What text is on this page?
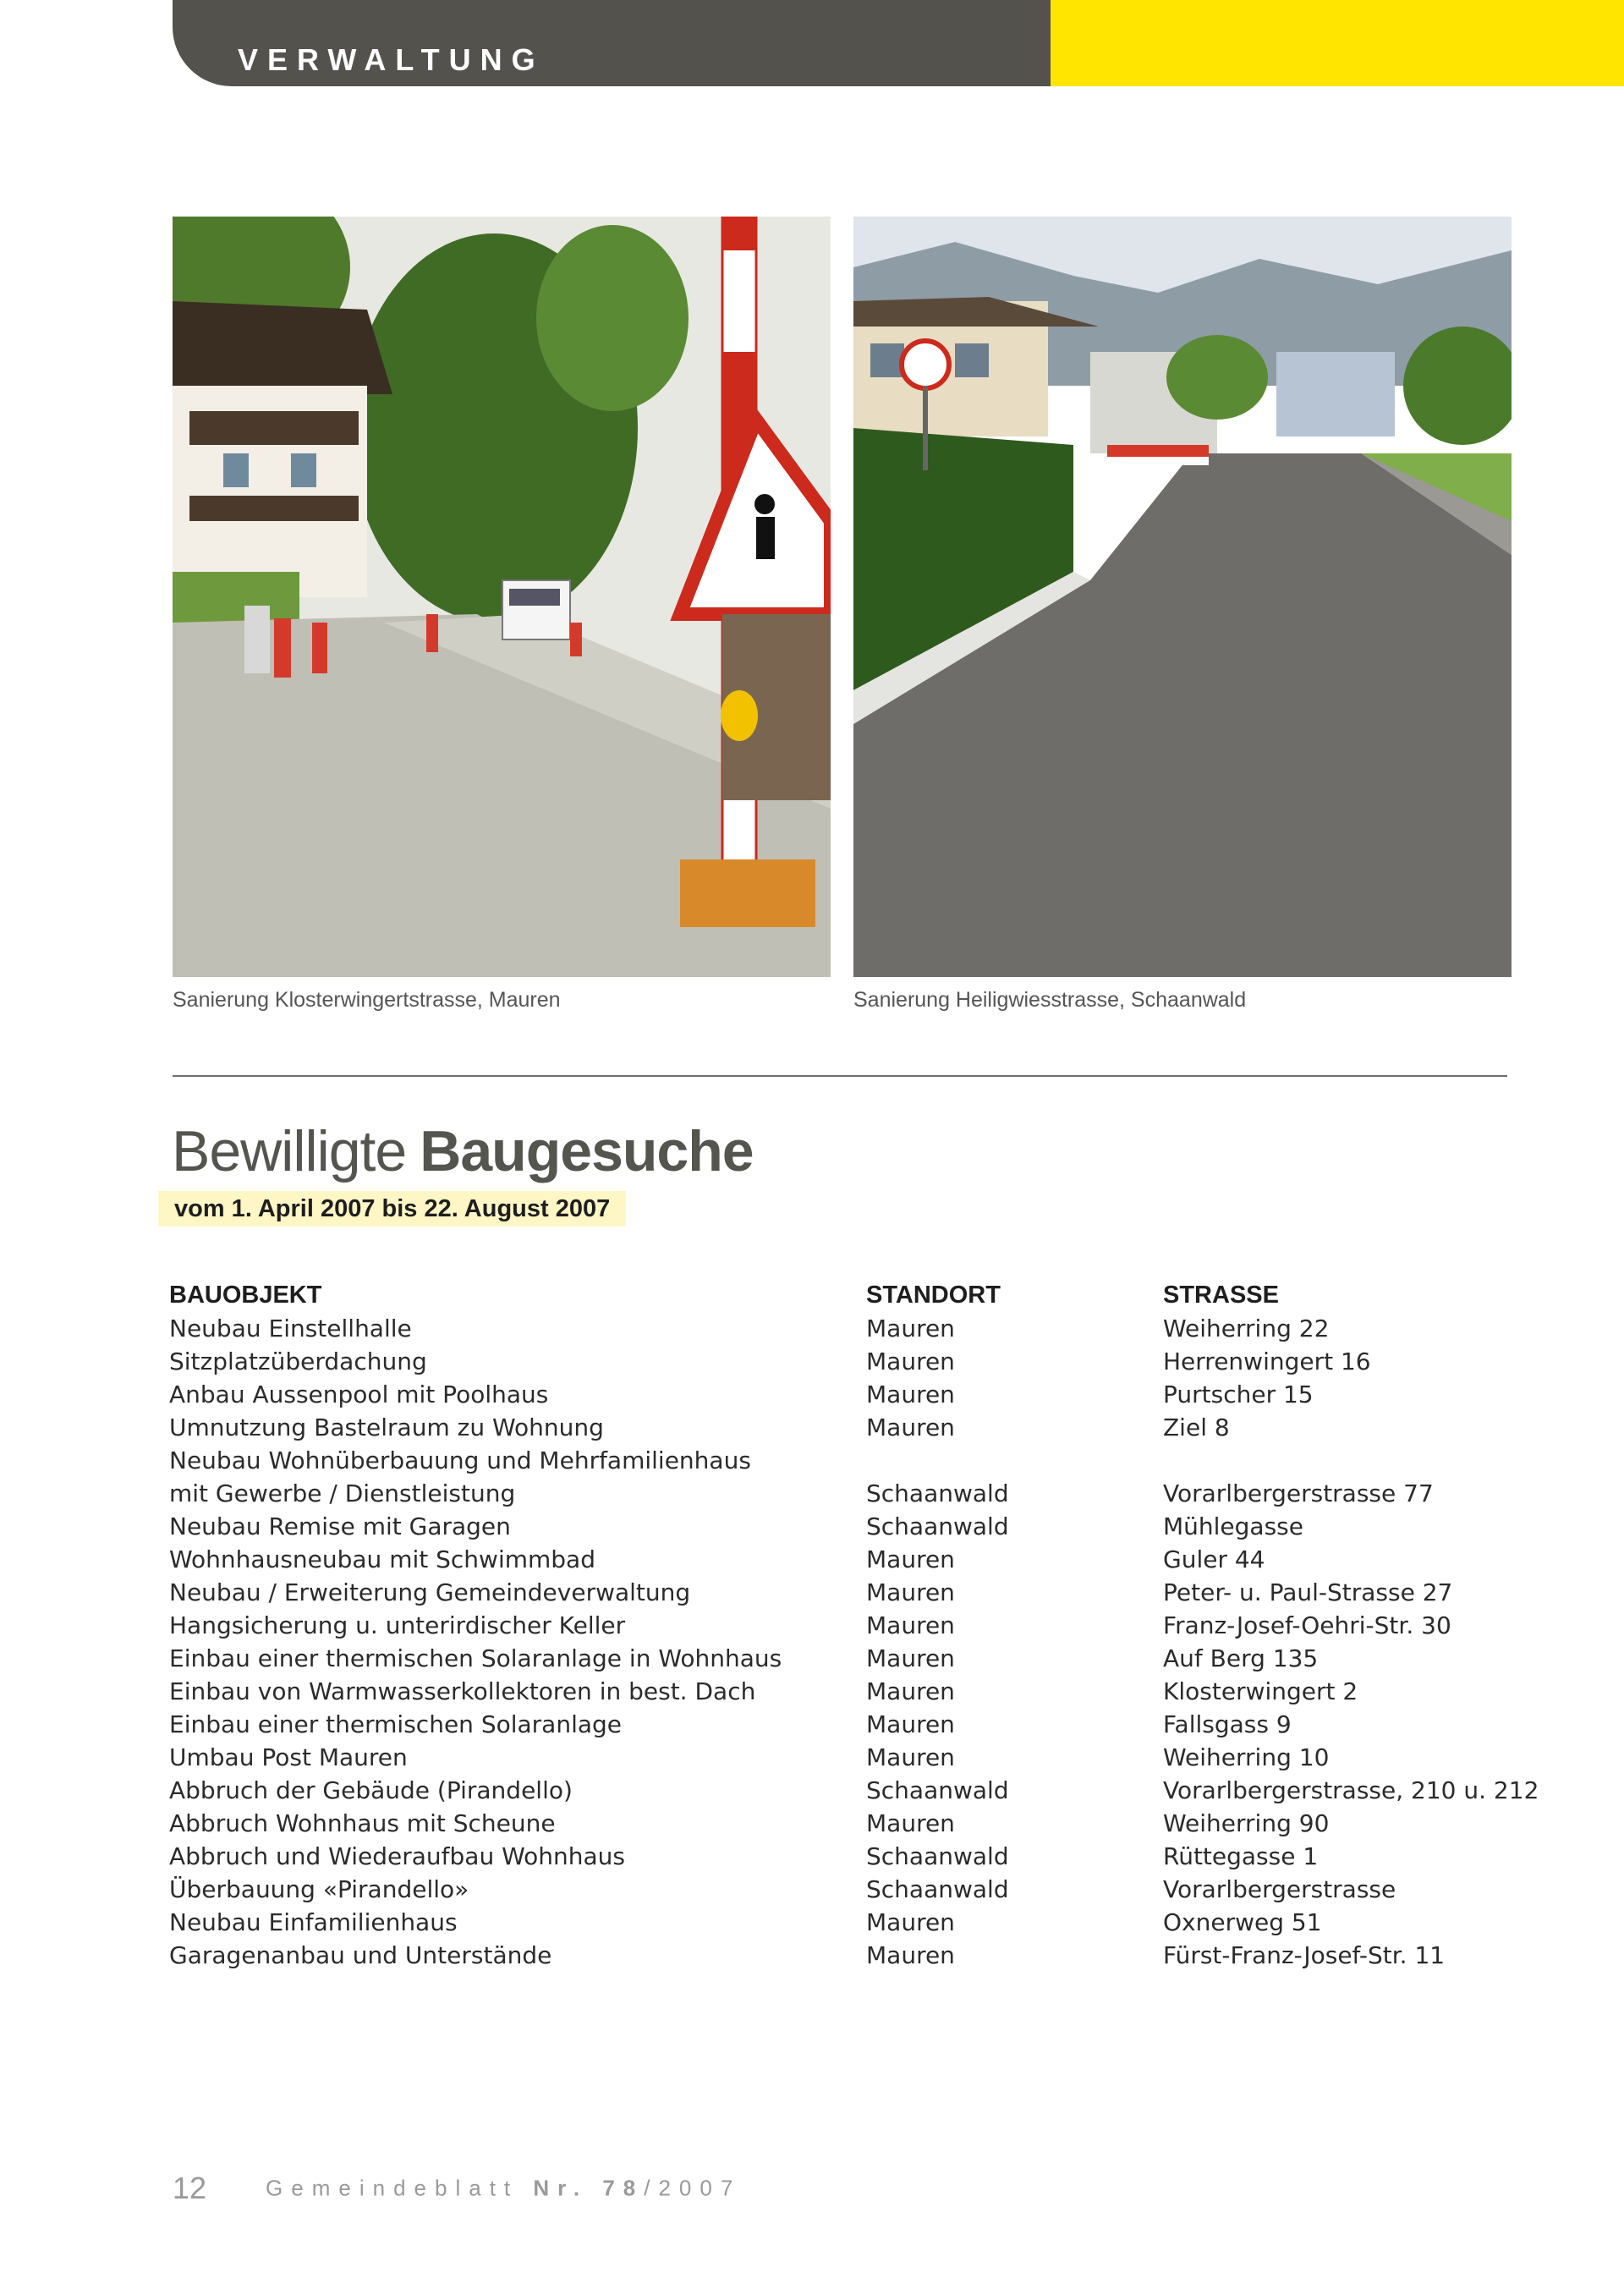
VERWALTUNG
Sanierung Klosterwingertstrasse, Mauren	Sanierung Heiligwiesstrasse, Schaanwald
Bewilligte Baugesuche
vom 1. April 2007 bis 22. August 2007
BAUOBJEKT	STANDORT	STRASSE
Neubau Einstellhalle	Mauren	Weiherring 22
Sitzplatzüberdachung	Mauren	Herrenwingert 16
Anbau Aussenpool mit Poolhaus	Mauren	Purtscher 15
Umnutzung Bastelraum zu Wohnung	Mauren	Ziel 8
Neubau Wohnüberbauung und Mehrfamilienhaus		
mit Gewerbe / Dienstleistung	Schaanwald	Vorarlbergerstrasse 77
Neubau Remise mit Garagen	Schaanwald	Mühlegasse
Wohnhausneubau mit Schwimmbad	Mauren	Guler 44
Neubau / Erweiterung Gemeindeverwaltung	Mauren	Peter- u. Paul-Strasse 27
Hangsicherung u. unterirdischer Keller	Mauren	Franz-Josef-Oehri-Str. 30
Einbau einer thermischen Solaranlage in Wohnhaus	Mauren	Auf Berg 135
Einbau von Warmwasserkollektoren in best. Dach	Mauren	Klosterwingert 2
Einbau einer thermischen Solaranlage	Mauren	Fallsgass 9
Umbau Post Mauren	Mauren	Weiherring 10
Abbruch der Gebäude (Pirandello)	Schaanwald	Vorarlbergerstrasse, 210 u. 212
Abbruch Wohnhaus mit Scheune	Mauren	Weiherring 90
Abbruch und Wiederaufbau Wohnhaus	Schaanwald	Rüttegasse 1
Überbauung «Pirandello»	Schaanwald	Vorarlbergerstrasse
Neubau Einfamilienhaus	Mauren	Oxnerweg 51
Garagenanbau und Unterstände	Mauren	Fürst-Franz-Josef-Str. 11
12	Gemeindeblatt Nr. 78/2007
